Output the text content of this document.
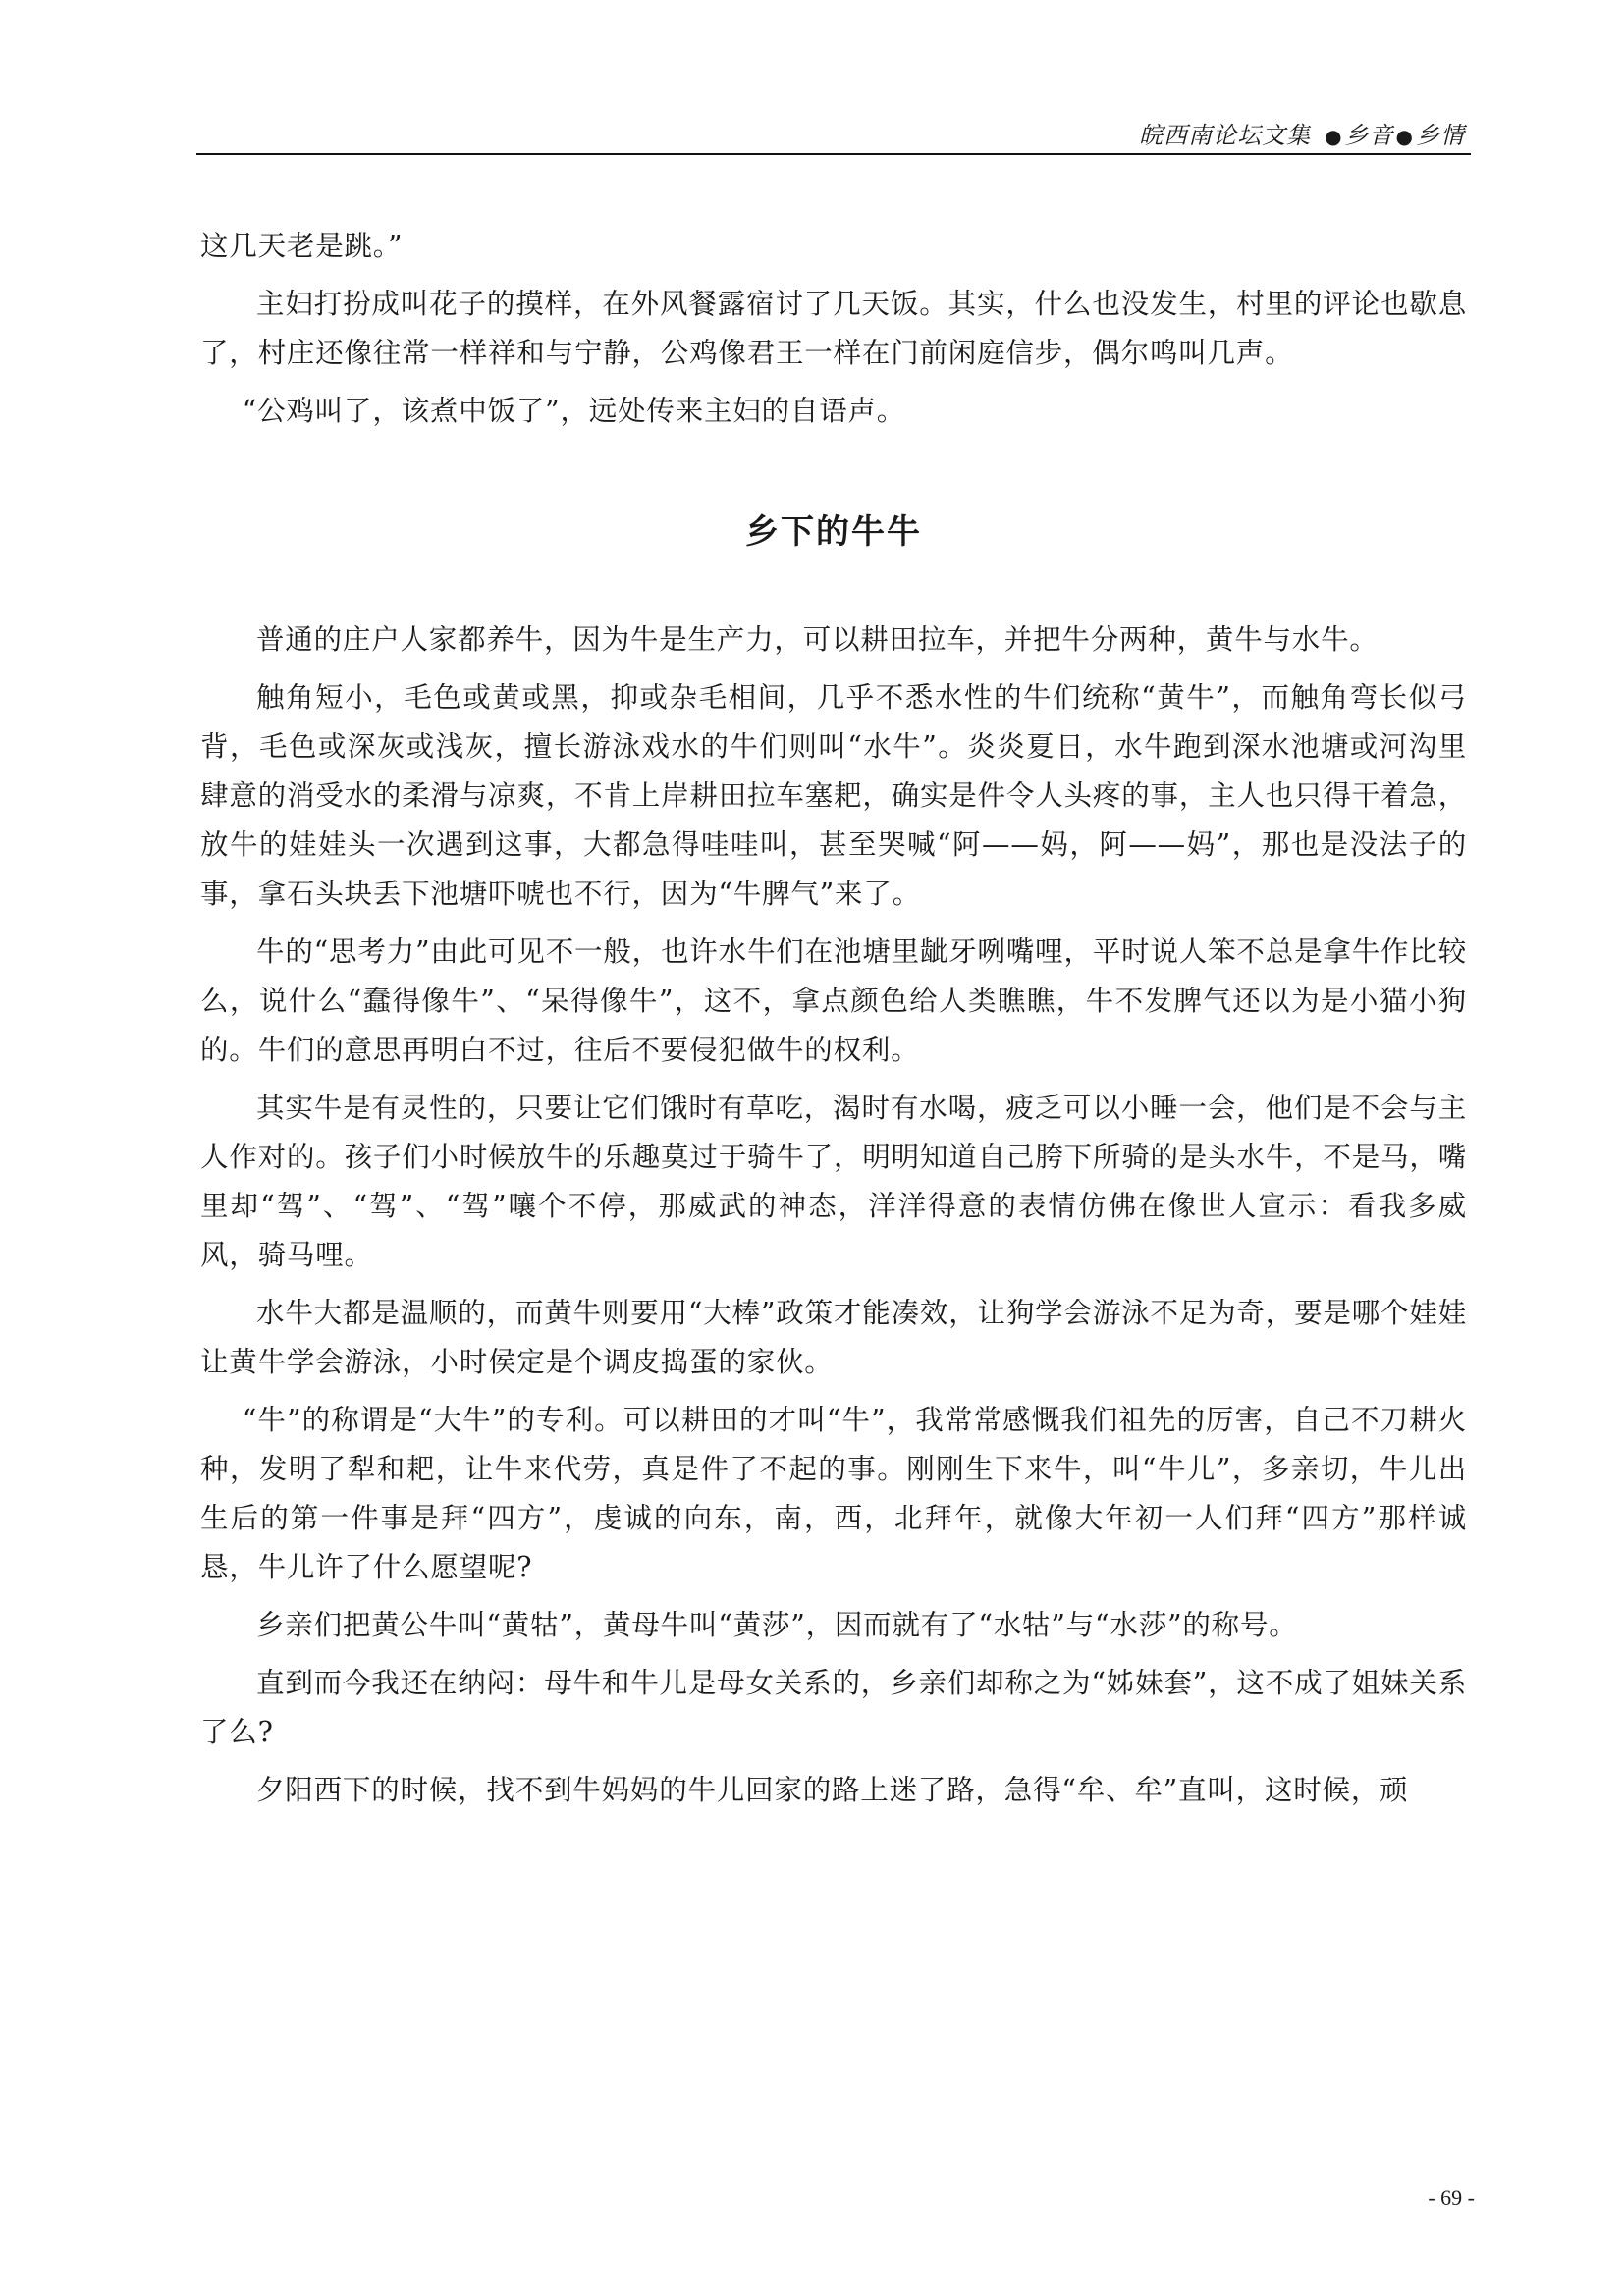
皖西南论坛文集 ●乡音 ●乡情

这几天老是跳。”

主妇打扮成叫花子的摸样，在外风餐露宿讨了几天饭。其实，什么也没发生，村里的评论也歇息了，村庄还像往常一样祥和与宁静，公鸡像君王一样在门前闲庭信步，偶尔鸣叫几声。

“公鸡叫了，该煮中饭了”，远处传来主妇的自语声。

乡下的牛牛

普通的庄户人家都养牛，因为牛是生产力，可以耕田拉车，并把牛分两种，黄牛与水牛。

触角短小，毛色或黄或黑，抑或杂毛相间，几乎不悉水性的牛们统称“黄牛”，而触角弯长似弓背，毛色或深灰或浅灰，擅长游泳戏水的牛们则叫“水牛”。炎炎夏日，水牛跑到深水池塘或河沟里肆意的消受水的柔滑与凉爽，不肯上岸耕田拉车塞耙，确实是件令人头疼的事，主人也只得干着急，放牛的娃娃头一次遇到这事，大都急得哇哇叫，甚至哭喊“阿——妈，阿——妈”，那也是没法子的事，拿石头块丢下池塘吓唬也不行，因为“牛脾气”来了。

牛的“思考力”由此可见不一般，也许水牛们在池塘里龇牙咧嘴哩，平时说人笨不总是拿牛作比较么，说什么“蠢得像牛”、“呆得像牛”，这不，拿点颜色给人类瞧瞧，牛不发脾气还以为是小猫小狗的。牛们的意思再明白不过，往后不要侵犯做牛的权利。

其实牛是有灵性的，只要让它们饿时有草吃，渴时有水喝，疲乏可以小睡一会，他们是不会与主人作对的。孩子们小时候放牛的乐趣莫过于骑牛了，明明知道自己胯下所骑的是头水牛，不是马，嘴里却“驾”、“驾”、“驾”嚷个不停，那威武的神态，洋洋得意的表情仿佛在像世人宣示：看我多威风，骑马哩。

水牛大都是温顺的，而黄牛则要用“大棒”政策才能凑效，让狗学会游泳不足为奇，要是哪个娃娃让黄牛学会游泳，小时侯定是个调皮捣蛋的家伙。

“牛”的称谓是“大牛”的专利。可以耕田的才叫“牛”，我常常感慨我们祖先的厉害，自己不刀耕火种，发明了犁和耙，让牛来代劳，真是件了不起的事。刚刚生下来牛，叫“牛儿”，多亲切，牛儿出生后的第一件事是拜“四方”，虔诚的向东，南，西，北拜年，就像大年初一人们拜“四方”那样诚恳，牛儿许了什么愿望呢?

乡亲们把黄公牛叫“黄牯”，黄母牛叫“黄莎”，因而就有了“水牯”与“水莎”的称号。

直到而今我还在纳闷：母牛和牛儿是母女关系的，乡亲们却称之为“姊妹套”，这不成了姐妹关系了么?

夕阳西下的时候，找不到牛妈妈的牛儿回家的路上迷了路，急得“牟、牟”直叫，这时候，顽

- 69 -
